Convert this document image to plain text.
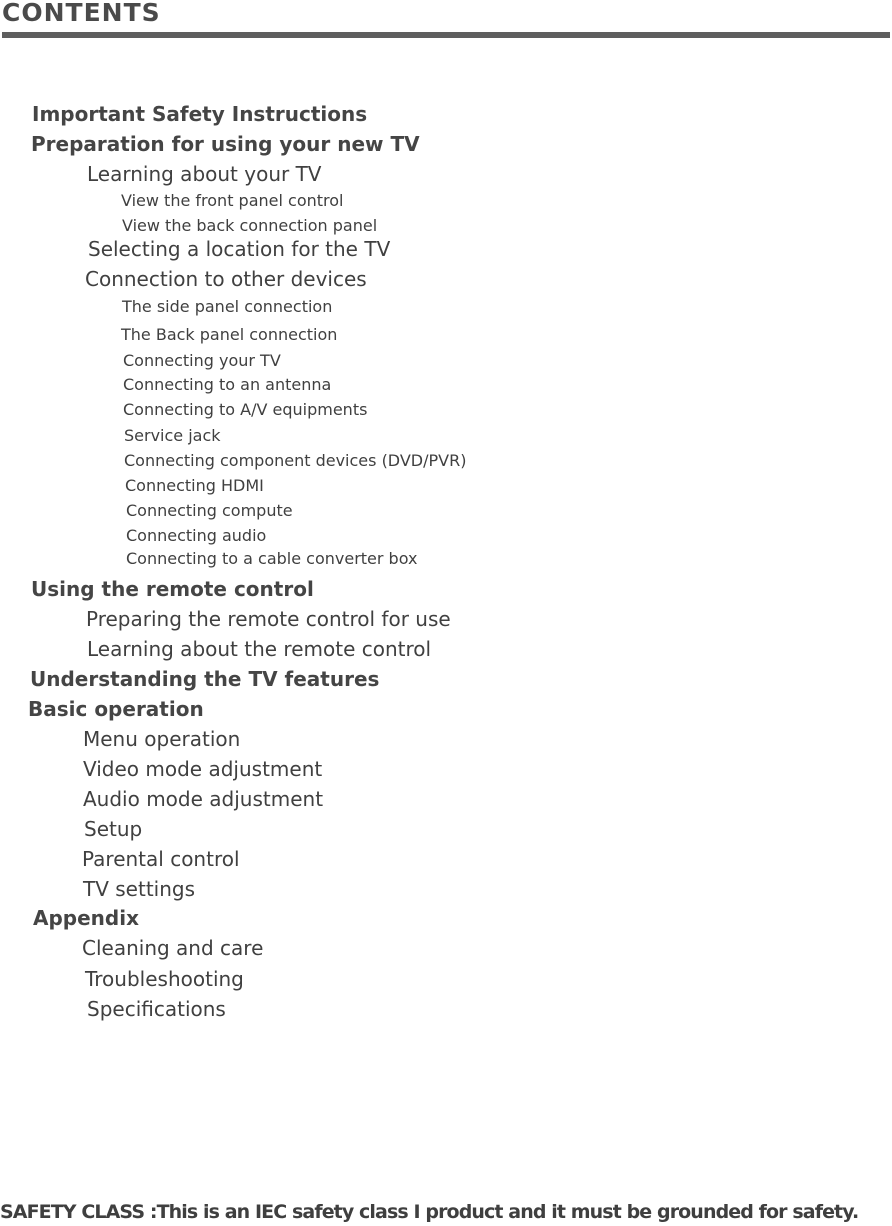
CONTENTS
Important Safety Instructions
Preparation for using your new TV
Learning about your TV
View the front panel control
View the back connection panel
Selecting a location for the TV
Connection to other devices
The side panel connection
The Back panel connection
Connecting your TV
Connecting to an antenna
Connecting to A/V equipments
Service jack
Connecting component devices (DVD/PVR)
Connecting HDMI
Connecting compute
Connecting audio
Connecting to a cable converter box
Using the remote control
Preparing the remote control for use
Learning about the remote control
Understanding the TV features
Basic operation
Menu operation
Video mode adjustment
Audio mode adjustment
Setup
Parental control
TV settings
Appendix
Cleaning and care
Troubleshooting
Specifications

SAFETY CLASS :This is an IEC safety class I product and it must be grounded for safety.
